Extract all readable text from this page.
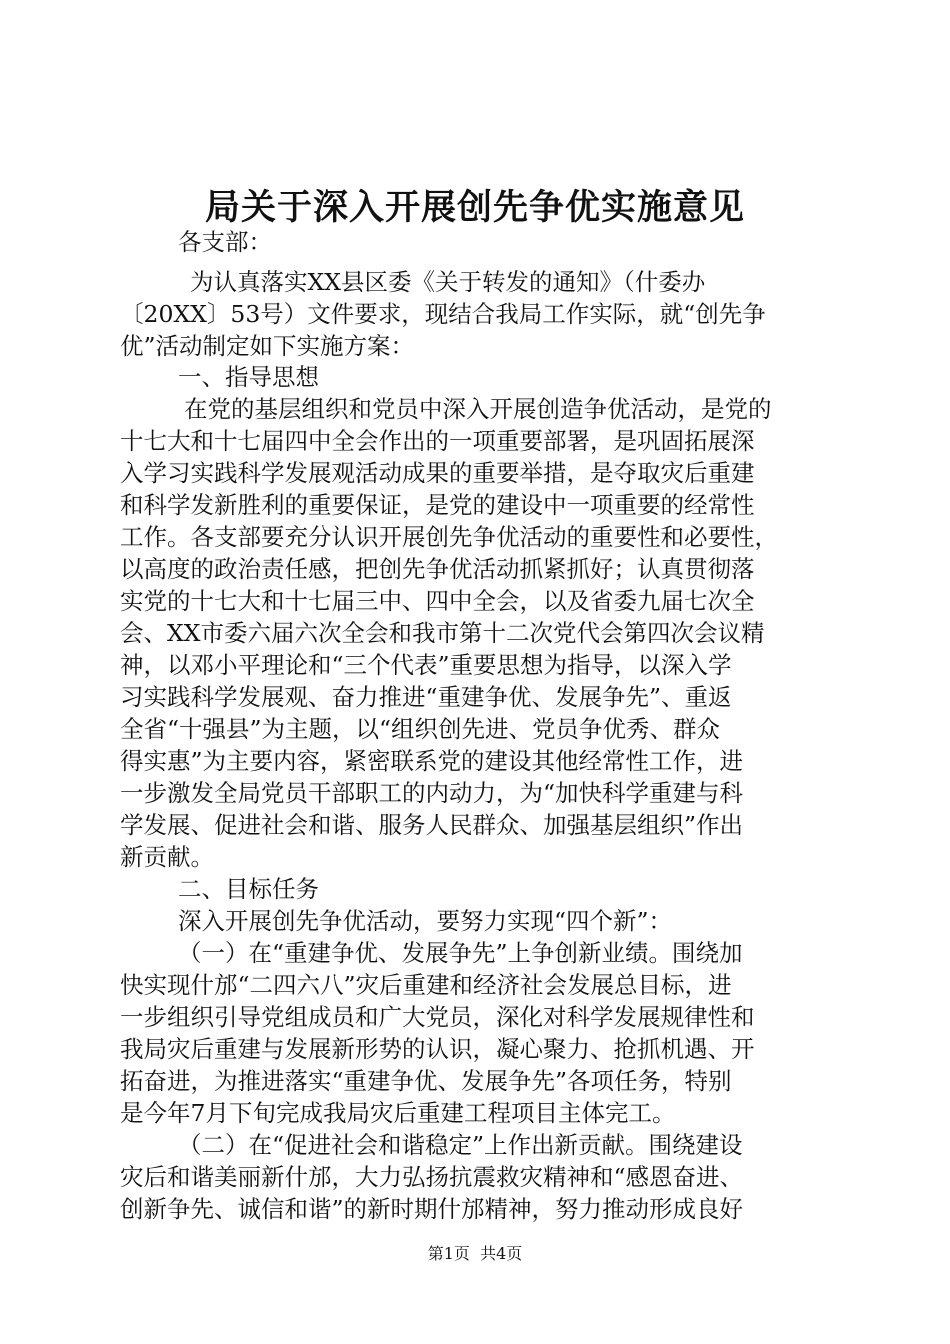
局关于深入开展创先争优实施意见
各支部：
为认真落实XX县区委《关于转发的通知》（什委办
〔20XX〕53号）文件要求，现结合我局工作实际，就“创先争
优”活动制定如下实施方案：
一、指导思想
在党的基层组织和党员中深入开展创造争优活动，是党的
十七大和十七届四中全会作出的一项重要部署，是巩固拓展深
入学习实践科学发展观活动成果的重要举措，是夺取灾后重建
和科学发新胜利的重要保证，是党的建设中一项重要的经常性
工作。各支部要充分认识开展创先争优活动的重要性和必要性，
以高度的政治责任感，把创先争优活动抓紧抓好；认真贯彻落
实党的十七大和十七届三中、四中全会，以及省委九届七次全
会、XX市委六届六次全会和我市第十二次党代会第四次会议精
神，以邓小平理论和“三个代表”重要思想为指导，以深入学
习实践科学发展观、奋力推进“重建争优、发展争先”、重返
全省“十强县”为主题，以“组织创先进、党员争优秀、群众
得实惠”为主要内容，紧密联系党的建设其他经常性工作，进
一步激发全局党员干部职工的内动力，为“加快科学重建与科
学发展、促进社会和谐、服务人民群众、加强基层组织”作出
新贡献。
二、目标任务
深入开展创先争优活动，要努力实现“四个新”：
（一）在“重建争优、发展争先”上争创新业绩。围绕加
快实现什邡“二四六八”灾后重建和经济社会发展总目标，进
一步组织引导党组成员和广大党员，深化对科学发展规律性和
我局灾后重建与发展新形势的认识，凝心聚力、抢抓机遇、开
拓奋进，为推进落实“重建争优、发展争先”各项任务，特别
是今年7月下旬完成我局灾后重建工程项目主体完工。
（二）在“促进社会和谐稳定”上作出新贡献。围绕建设
灾后和谐美丽新什邡，大力弘扬抗震救灾精神和“感恩奋进、
创新争先、诚信和谐”的新时期什邡精神，努力推动形成良好
第1页  共4页
